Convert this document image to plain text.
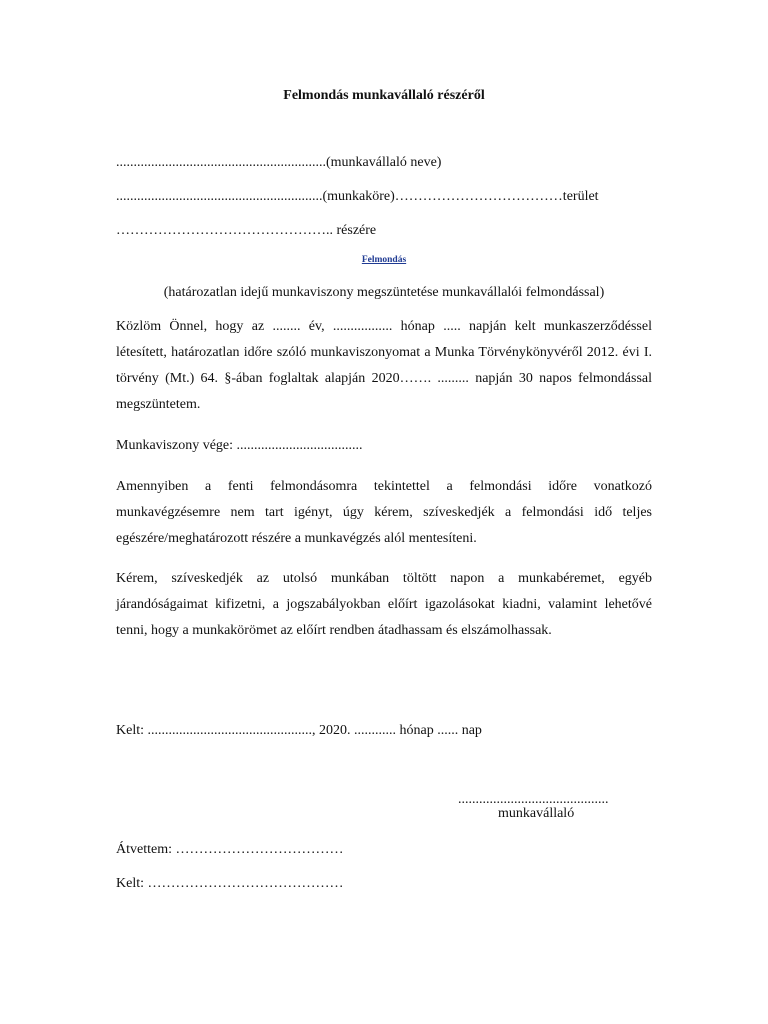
Felmondás munkavállaló részéről
............................................................(munkavállaló neve)
...........................................................(munkaköre)………………………………terület
……………………………………….. részére
Felmondás
(határozatlan idejű munkaviszony megszüntetése munkavállalói felmondással)
Közlöm Önnel, hogy az ........ év, ................. hónap ..... napján kelt munkaszerződéssel létesített, határozatlan időre szóló munkaviszonyomat a Munka Törvénykönyvéről 2012. évi I. törvény (Mt.) 64. §-ában foglaltak alapján 2020……. ......... napján 30 napos felmondással megszüntetem.
Munkaviszony vége: ....................................
Amennyiben a fenti felmondásomra tekintettel a felmondási időre vonatkozó munkavégzésemre nem tart igényt, úgy kérem, szíveskedjék a felmondási idő teljes egészére/meghatározott részére a munkavégzés alól mentesíteni.
Kérem, szíveskedjék az utolsó munkában töltött napon a munkabéremet, egyéb járandóságaimat kifizetni, a jogszabályokban előírt igazolásokat kiadni, valamint lehetővé tenni, hogy a munkakörömet az előírt rendben átadhassam és elszámolhassak.
Kelt: ..............................................., 2020. ............ hónap ...... nap
...........................................
munkavállaló
Átvettem: ………………………………
Kelt: ……………………………………
